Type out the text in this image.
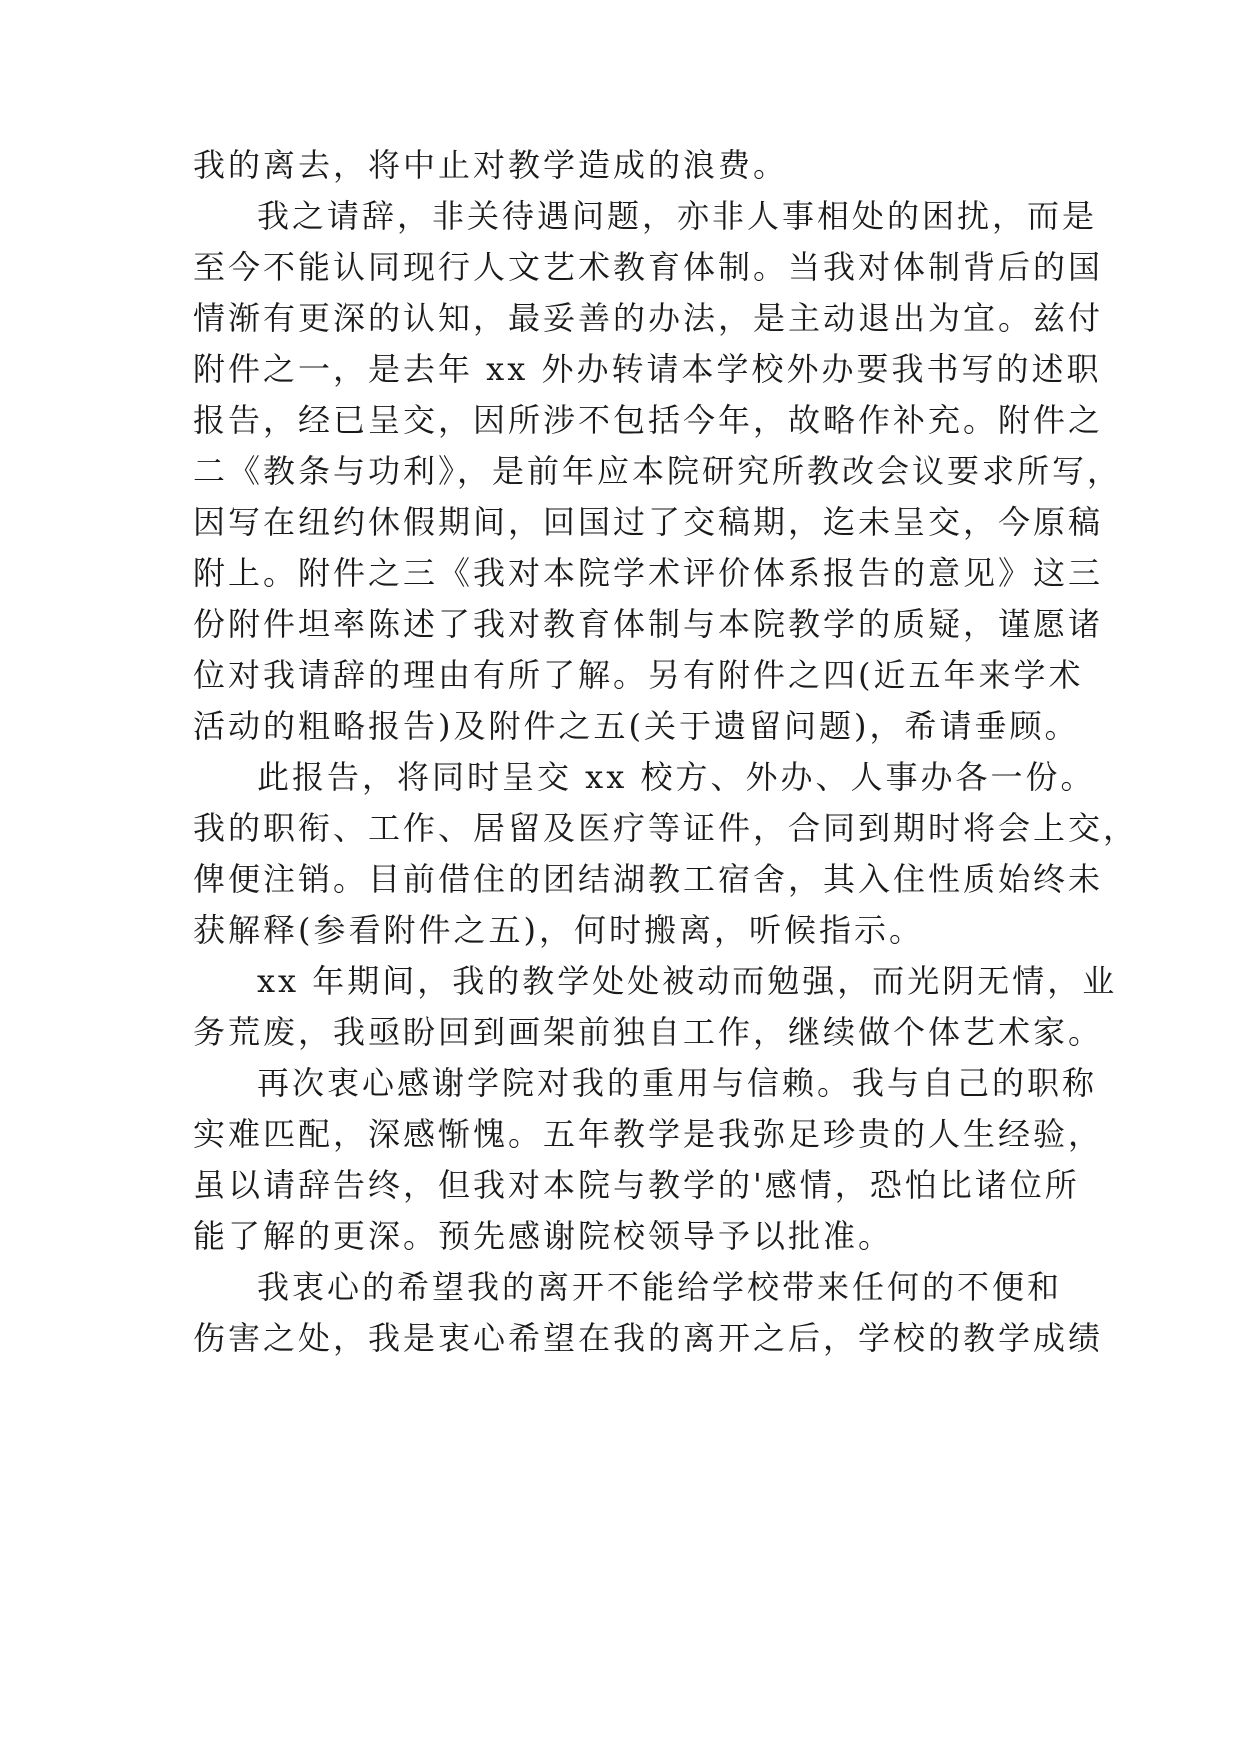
我的离去，将中止对教学造成的浪费。
我之请辞，非关待遇问题，亦非人事相处的困扰，而是
至今不能认同现行人文艺术教育体制。当我对体制背后的国
情渐有更深的认知，最妥善的办法，是主动退出为宜。兹付
附件之一，是去年 xx 外办转请本学校外办要我书写的述职
报告，经已呈交，因所涉不包括今年，故略作补充。附件之
二《教条与功利》，是前年应本院研究所教改会议要求所写，
因写在纽约休假期间，回国过了交稿期，迄未呈交，今原稿
附上。附件之三《我对本院学术评价体系报告的意见》这三
份附件坦率陈述了我对教育体制与本院教学的质疑，谨愿诸
位对我请辞的理由有所了解。另有附件之四(近五年来学术
活动的粗略报告)及附件之五(关于遗留问题)，希请垂顾。
此报告，将同时呈交 xx 校方、外办、人事办各一份。
我的职衔、工作、居留及医疗等证件，合同到期时将会上交，
俾便注销。目前借住的团结湖教工宿舍，其入住性质始终未
获解释(参看附件之五)，何时搬离，听候指示。
xx 年期间，我的教学处处被动而勉强，而光阴无情，业
务荒废，我亟盼回到画架前独自工作，继续做个体艺术家。
再次衷心感谢学院对我的重用与信赖。我与自己的职称
实难匹配，深感惭愧。五年教学是我弥足珍贵的人生经验，
虽以请辞告终，但我对本院与教学的'感情，恐怕比诸位所
能了解的更深。预先感谢院校领导予以批准。
我衷心的希望我的离开不能给学校带来任何的不便和
伤害之处，我是衷心希望在我的离开之后，学校的教学成绩
